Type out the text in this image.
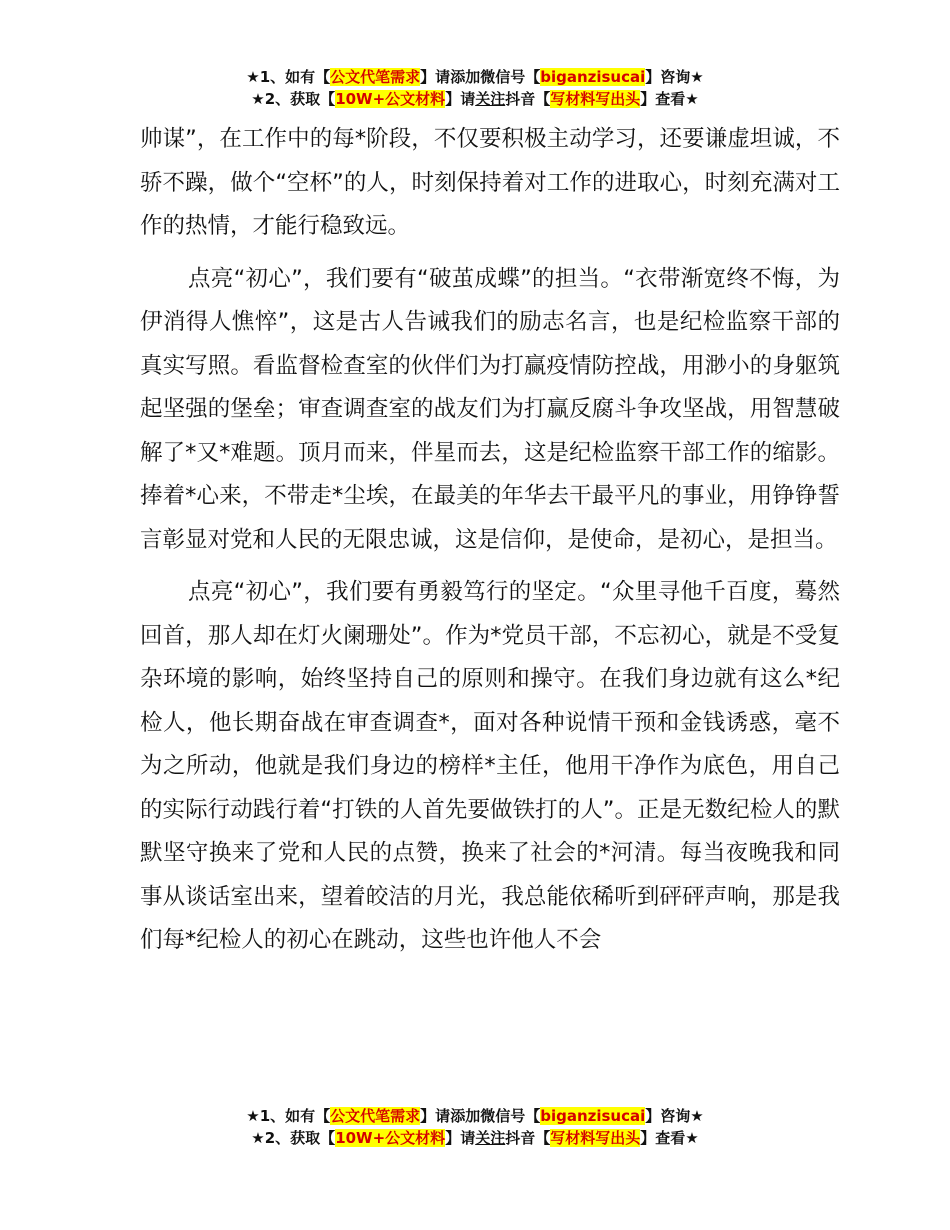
★1、如有【公文代笔需求】请添加微信号【biganzisucai】咨询★
★2、获取【10W+公文材料】请关注抖音【写材料写出头】查看★

帅谋”，在工作中的每*阶段，不仅要积极主动学习，还要谦虚坦诚，不骄不躁，做个“空杯”的人，时刻保持着对工作的进取心，时刻充满对工作的热情，才能行稳致远。

点亮“初心”，我们要有“破茧成蝶”的担当。“衣带渐宽终不悔，为伊消得人憔悴”，这是古人告诫我们的励志名言，也是纪检监察干部的真实写照。看监督检查室的伙伴们为打赢疫情防控战，用渺小的身躯筑起坚强的堡垒；审查调查室的战友们为打赢反腐斗争攻坚战，用智慧破解了*又*难题。顶月而来，伴星而去，这是纪检监察干部工作的缩影。捧着*心来，不带走*尘埃，在最美的年华去干最平凡的事业，用铮铮誓言彰显对党和人民的无限忠诚，这是信仰，是使命，是初心，是担当。

点亮“初心”，我们要有勇毅笃行的坚定。“众里寻他千百度，蓦然回首，那人却在灯火阑珊处”。作为*党员干部，不忘初心，就是不受复杂环境的影响，始终坚持自己的原则和操守。在我们身边就有这么*纪检人，他长期奋战在审查调查*，面对各种说情干预和金钱诱惑，毫不为之所动，他就是我们身边的榜样*主任，他用干净作为底色，用自己的实际行动践行着“打铁的人首先要做铁打的人”。正是无数纪检人的默默坚守换来了党和人民的点赞，换来了社会的*河清。每当夜晚我和同事从谈话室出来，望着皎洁的月光，我总能依稀听到砰砰声响，那是我们每*纪检人的初心在跳动，这些也许他人不会

★1、如有【公文代笔需求】请添加微信号【biganzisucai】咨询★
★2、获取【10W+公文材料】请关注抖音【写材料写出头】查看★
